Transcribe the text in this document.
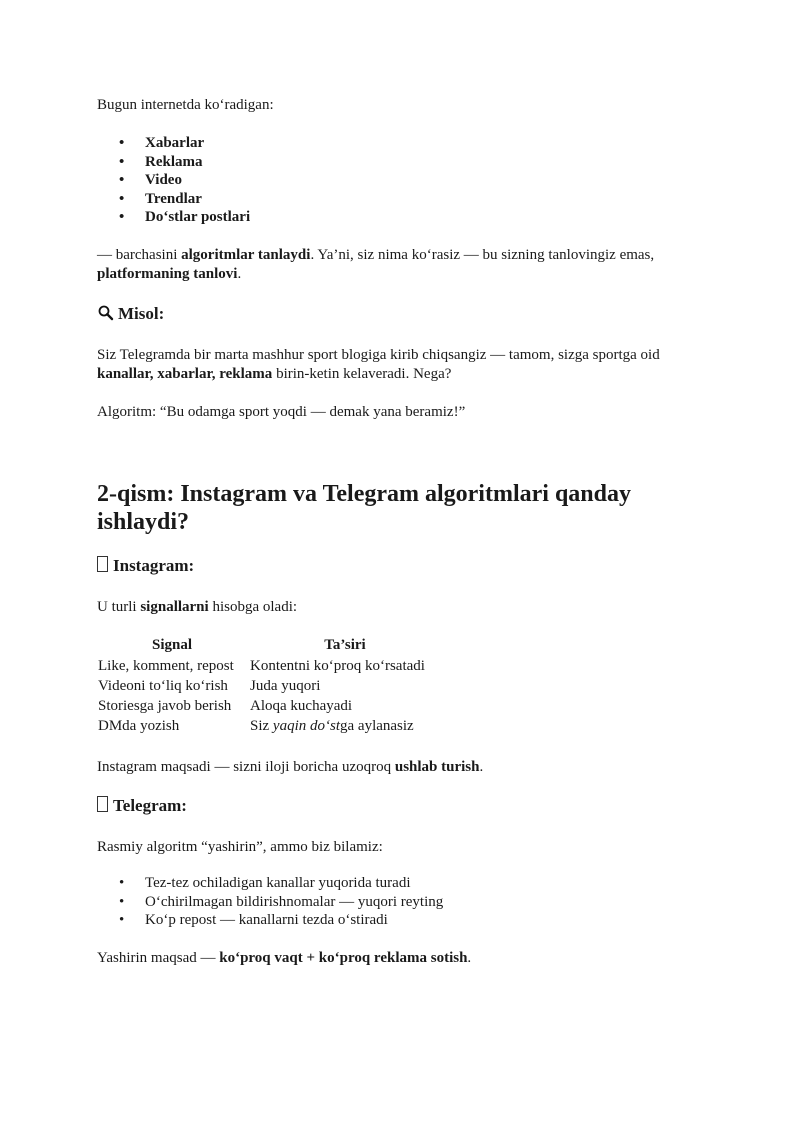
Bugun internetda koʻradigan:

• Xabarlar
• Reklama
• Video
• Trendlar
• Doʻstlar postlari

— barchasini algoritmlar tanlaydi. Ya’ni, siz nima koʻrasiz — bu sizning tanlovingiz emas,

platformaning tanlovi.

Misol:

Siz Telegramda bir marta mashhur sport blogiga kirib chiqsangiz — tamom, sizga sportga oid

kanallar, xabarlar, reklama birin-ketin kelaveradi. Nega?

Algoritm: “Bu odamga sport yoqdi — demak yana beramiz!”

2-qism: Instagram va Telegram algoritmlari qanday
ishlaydi?
Instagram:

U turli signallarni hisobga oladi:

Signal	Ta’siri
Like, komment, repost	Kontentni koʻproq koʻrsatadi
Videoni toʻliq koʻrish	Juda yuqori
Storiesga javob berish	Aloqa kuchayadi
DMda yozish	Siz yaqin doʻstga aylanasiz

Instagram maqsadi — sizni iloji boricha uzoqroq ushlab turish.

Telegram:

Rasmiy algoritm “yashirin”, ammo biz bilamiz:

• Tez-tez ochiladigan kanallar yuqorida turadi
• Oʻchirilmagan bildirishnomalar — yuqori reyting
• Koʻp repost — kanallarni tezda oʻstiradi

Yashirin maqsad — koʻproq vaqt + koʻproq reklama sotish.
